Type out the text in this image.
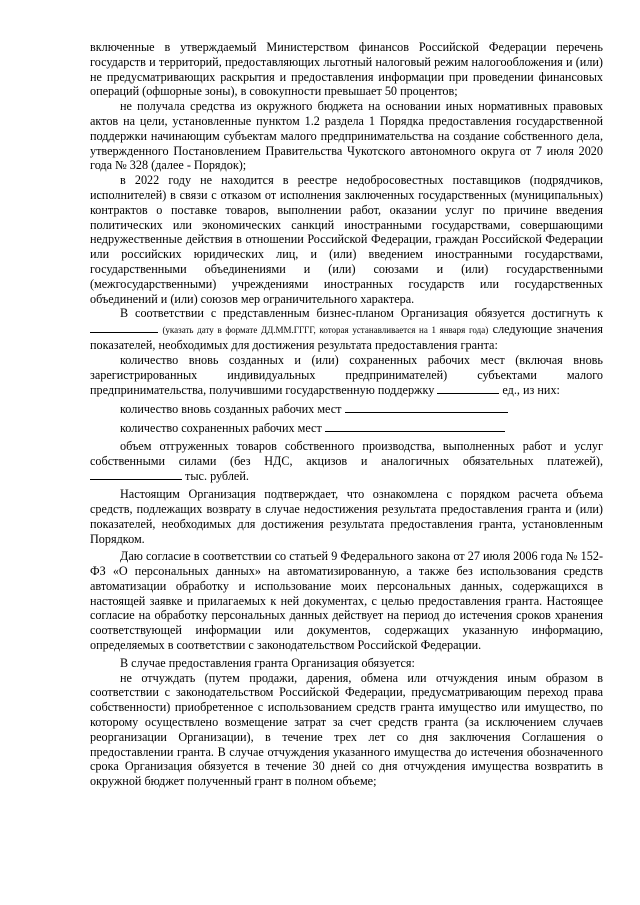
включенные в утверждаемый Министерством финансов Российской Федерации перечень государств и территорий, предоставляющих льготный налоговый режим налогообложения и (или) не предусматривающих раскрытия и предоставления информации при проведении финансовых операций (офшорные зоны), в совокупности превышает 50 процентов;

не получала средства из окружного бюджета на основании иных нормативных правовых актов на цели, установленные пунктом 1.2 раздела 1 Порядка предоставления государственной поддержки начинающим субъектам малого предпринимательства на создание собственного дела, утвержденного Постановлением Правительства Чукотского автономного округа от 7 июля 2020 года № 328 (далее - Порядок);

в 2022 году не находится в реестре недобросовестных поставщиков (подрядчиков, исполнителей) в связи с отказом от исполнения заключенных государственных (муниципальных) контрактов о поставке товаров, выполнении работ, оказании услуг по причине введения политических или экономических санкций иностранными государствами, совершающими недружественные действия в отношении Российской Федерации, граждан Российской Федерации или российских юридических лиц, и (или) введением иностранными государствами, государственными объединениями и (или) союзами и (или) государственными (межгосударственными) учреждениями иностранных государств или государственных объединений и (или) союзов мер ограничительного характера.

В соответствии с представленным бизнес-планом Организация обязуется достигнуть к  (указать дату в формате ДД.ММ.ГГГГ, которая устанавливается на 1 января года) следующие значения показателей, необходимых для достижения результата предоставления гранта:

количество вновь созданных и (или) сохраненных рабочих мест (включая вновь зарегистрированных индивидуальных предпринимателей) субъектами малого предпринимательства, получившими государственную поддержку	ед., из них:

количество вновь созданных рабочих мест

количество сохраненных рабочих мест

объем отгруженных товаров собственного производства, выполненных работ и услуг собственными силами (без НДС, акцизов и аналогичных обязательных платежей),  тыс. рублей.

Настоящим Организация подтверждает, что ознакомлена с порядком расчета объема средств, подлежащих возврату в случае недостижения результата предоставления гранта и (или) показателей, необходимых для достижения результата предоставления гранта, установленным Порядком.

Даю согласие в соответствии со статьей 9 Федерального закона от 27 июля 2006 года № 152-ФЗ «О персональных данных» на автоматизированную, а также без использования средств автоматизации обработку и использование моих персональных данных, содержащихся в настоящей заявке и прилагаемых к ней документах, с целью предоставления гранта. Настоящее согласие на обработку персональных данных действует на период до истечения сроков хранения соответствующей информации или документов, содержащих указанную информацию, определяемых в соответствии с законодательством Российской Федерации.

В случае предоставления гранта Организация обязуется:

не отчуждать (путем продажи, дарения, обмена или отчуждения иным образом в соответствии с законодательством Российской Федерации, предусматривающим переход права собственности) приобретенное с использованием средств гранта имущество или имущество, по которому осуществлено возмещение затрат за счет средств гранта (за исключением случаев реорганизации Организации), в течение трех лет со дня заключения Соглашения о предоставлении гранта. В случае отчуждения указанного имущества до истечения обозначенного срока Организация обязуется в течение 30 дней со дня отчуждения имущества возвратить в окружной бюджет полученный грант в полном объеме;
